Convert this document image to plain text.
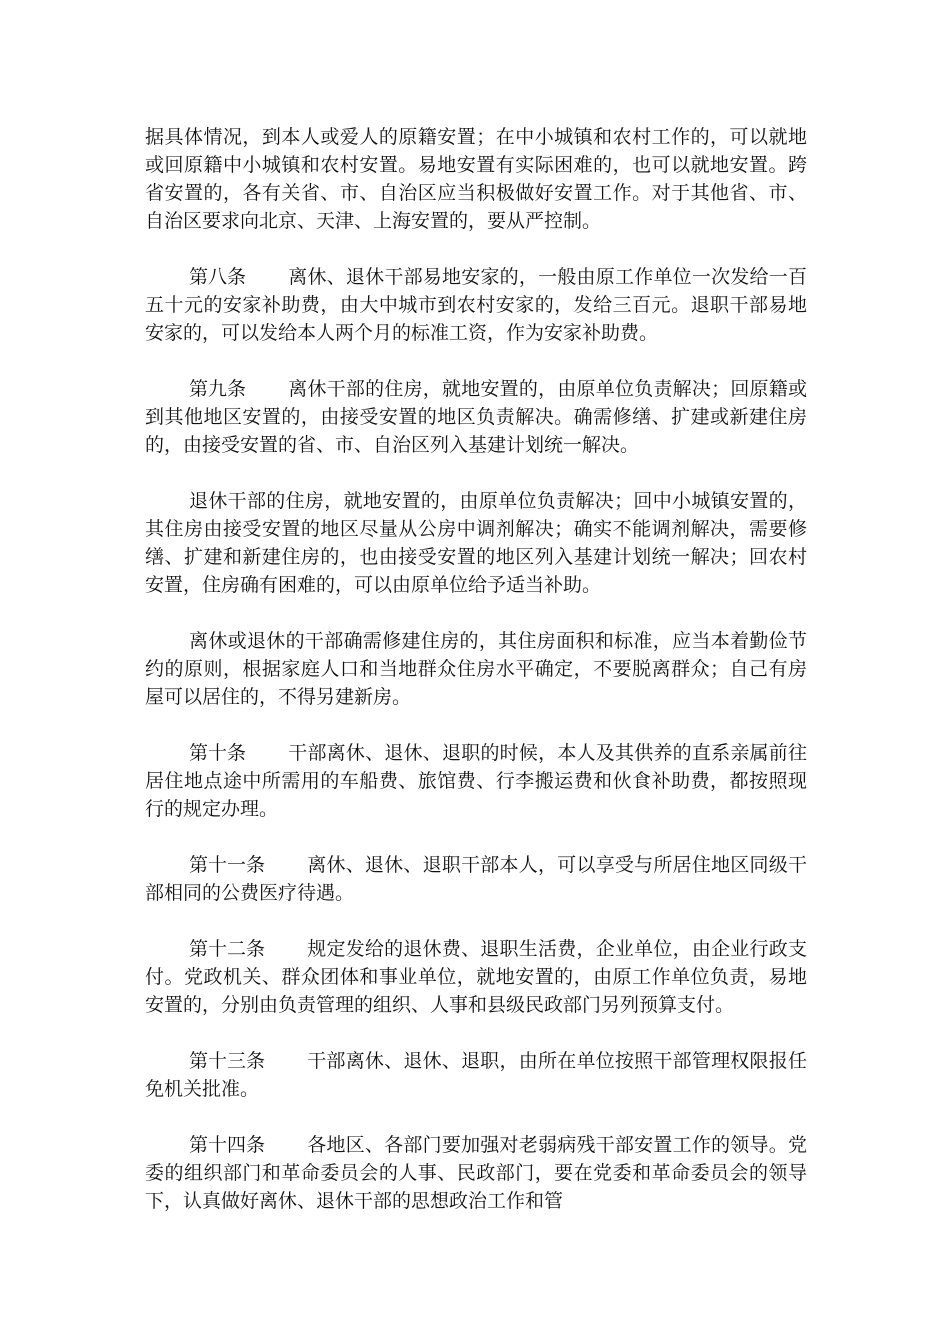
据具体情况，到本人或爱人的原籍安置；在中小城镇和农村工作的，可以就地或回原籍中小城镇和农村安置。易地安置有实际困难的，也可以就地安置。跨省安置的，各有关省、市、自治区应当积极做好安置工作。对于其他省、市、自治区要求向北京、天津、上海安置的，要从严控制。

第八条 离休、退休干部易地安家的，一般由原工作单位一次发给一百五十元的安家补助费，由大中城市到农村安家的，发给三百元。退职干部易地安家的，可以发给本人两个月的标准工资，作为安家补助费。

第九条 离休干部的住房，就地安置的，由原单位负责解决；回原籍或到其他地区安置的，由接受安置的地区负责解决。确需修缮、扩建或新建住房的，由接受安置的省、市、自治区列入基建计划统一解决。

退休干部的住房，就地安置的，由原单位负责解决；回中小城镇安置的，其住房由接受安置的地区尽量从公房中调剂解决；确实不能调剂解决，需要修缮、扩建和新建住房的，也由接受安置的地区列入基建计划统一解决；回农村安置，住房确有困难的，可以由原单位给予适当补助。

离休或退休的干部确需修建住房的，其住房面积和标准，应当本着勤俭节约的原则，根据家庭人口和当地群众住房水平确定，不要脱离群众；自己有房屋可以居住的，不得另建新房。

第十条 干部离休、退休、退职的时候，本人及其供养的直系亲属前往居住地点途中所需用的车船费、旅馆费、行李搬运费和伙食补助费，都按照现行的规定办理。

第十一条 离休、退休、退职干部本人，可以享受与所居住地区同级干部相同的公费医疗待遇。

第十二条 规定发给的退休费、退职生活费，企业单位，由企业行政支付。党政机关、群众团体和事业单位，就地安置的，由原工作单位负责，易地安置的，分别由负责管理的组织、人事和县级民政部门另列预算支付。

第十三条 干部离休、退休、退职，由所在单位按照干部管理权限报任免机关批准。

第十四条 各地区、各部门要加强对老弱病残干部安置工作的领导。党委的组织部门和革命委员会的人事、民政部门，要在党委和革命委员会的领导下，认真做好离休、退休干部的思想政治工作和管
